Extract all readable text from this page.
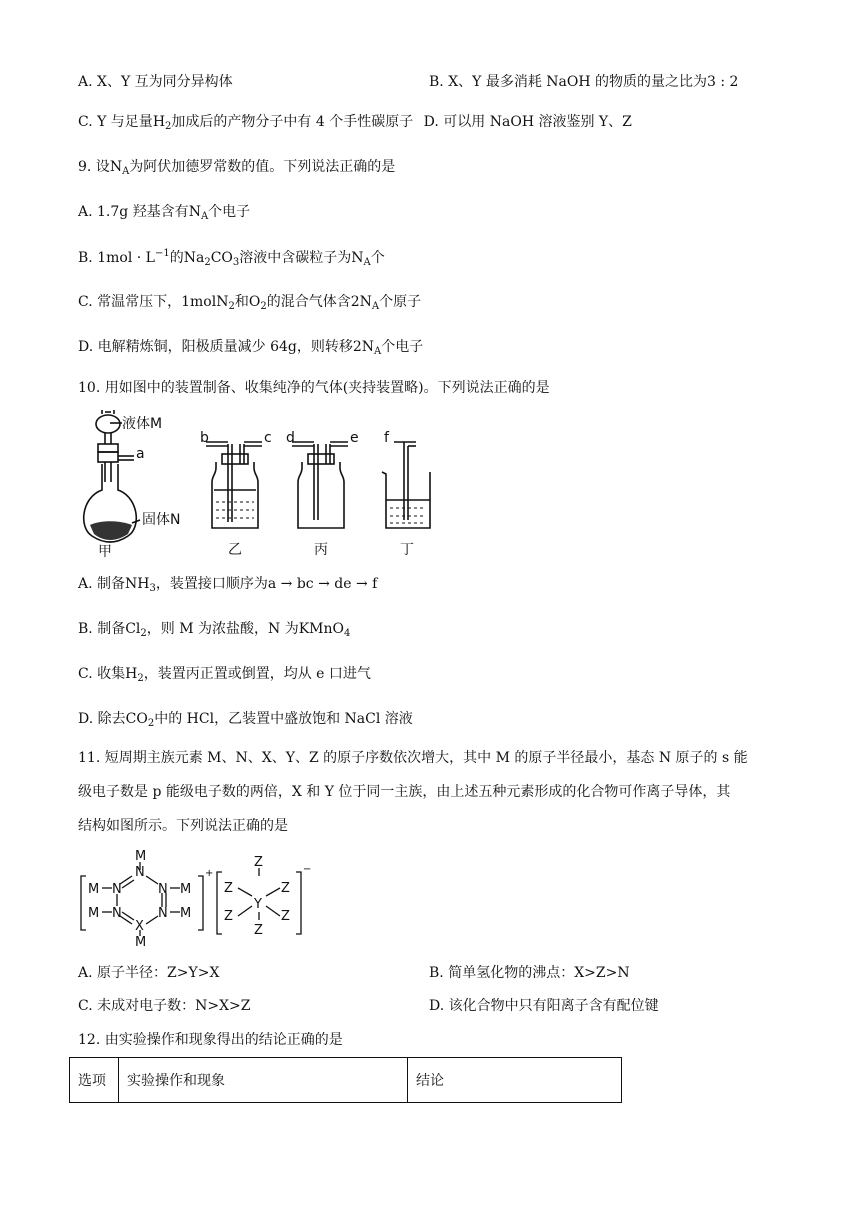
A. X、Y 互为同分异构体	B. X、Y 最多消耗 NaOH 的物质的量之比为3 : 2
C. Y 与足量$H_2$加成后的产物分子中有 4 个手性碳原子 D. 可以用 NaOH 溶液鉴别 Y、Z
9. 设$N_A$为阿伏加德罗常数的值。下列说法正确的是
A. 1.7g 羟基含有$N_A$个电子
B. $1mol \cdot L^{-1}$的$Na_2CO_3$溶液中含碳粒子为$N_A$个
C. 常温常压下，1molN$_2$和$O_2$的混合气体含$2N_A$个原子
D. 电解精炼铜，阳极质量减少 64g，则转移$2N_A$个电子
10. 用如图中的装置制备、收集纯净的气体(夹持装置略)。下列说法正确的是
液体M
a
固体N
甲	乙	丙	丁
b	c d	e f
A. 制备$NH_3$，装置接口顺序为a → bc → de → f
B. 制备$Cl_2$，则 M 为浓盐酸，N 为KMnO$_4$
C. 收集$H_2$，装置丙正置或倒置，均从 e 口进气
D. 除去$CO_2$中的 HCl，乙装置中盛放饱和 NaCl 溶液
11. 短周期主族元素 M、N、X、Y、Z 的原子序数依次增大，其中 M 的原子半径最小，基态 N 原子的 s 能
级电子数是 p 能级电子数的两倍，X 和 Y 位于同一主族，由上述五种元素形成的化合物可作离子导体，其
结构如图所示。下列说法正确的是
M
N
M N	N M
M N	N M
X
M
+
Z
Z	Z
Y
Z	Z
Z
−
A. 原子半径：Z>Y>X	B. 简单氢化物的沸点：X>Z>N
C. 未成对电子数：N>X>Z	D. 该化合物中只有阳离子含有配位键
12. 由实验操作和现象得出的结论正确的是
选项	实验操作和现象	结论
